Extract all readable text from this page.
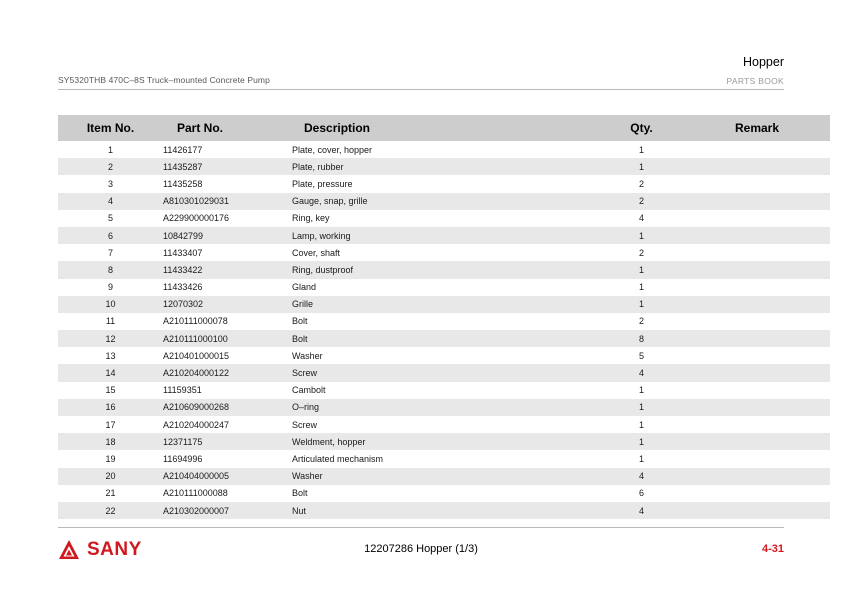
Hopper
PARTS BOOK
SY5320THB 470C–8S Truck–mounted Concrete Pump
Item No.	Part No.	Description	Qty.	Remark
1	11426177	Plate, cover, hopper	1	
2	11435287	Plate, rubber	1	
3	11435258	Plate, pressure	2	
4	A810301029031	Gauge, snap, grille	2	
5	A229900000176	Ring, key	4	
6	10842799	Lamp, working	1	
7	11433407	Cover, shaft	2	
8	11433422	Ring, dustproof	1	
9	11433426	Gland	1	
10	12070302	Grille	1	
11	A210111000078	Bolt	2	
12	A210111000100	Bolt	8	
13	A210401000015	Washer	5	
14	A210204000122	Screw	4	
15	11159351	Cambolt	1	
16	A210609000268	O–ring	1	
17	A210204000247	Screw	1	
18	12371175	Weldment, hopper	1	
19	11694996	Articulated mechanism	1	
20	A210404000005	Washer	4	
21	A210111000088	Bolt	6	
22	A210302000007	Nut	4	
SANY	12207286 Hopper (1/3)	4-31
